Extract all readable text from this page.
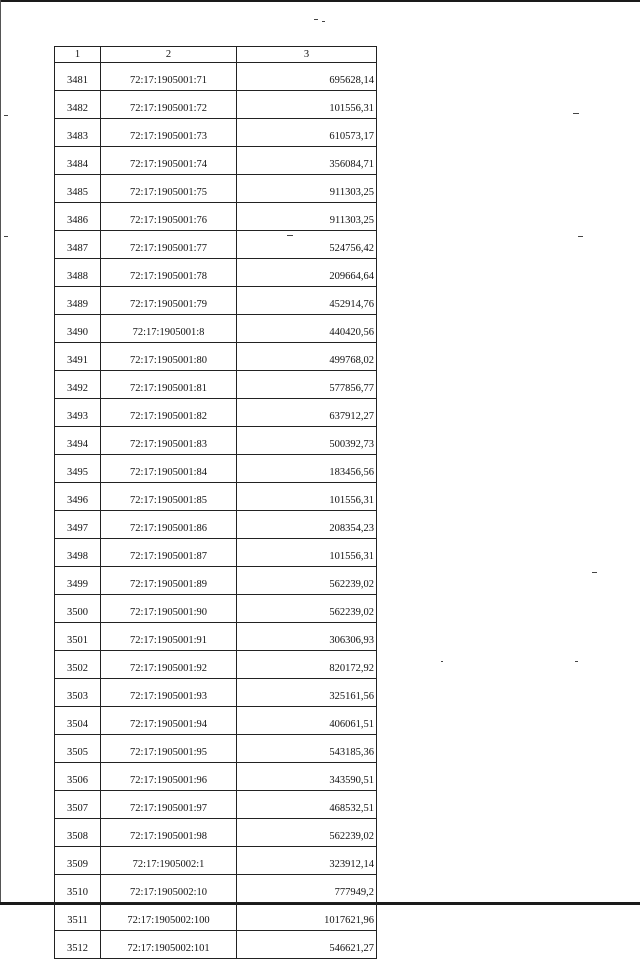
1	2	3
3481	72:17:1905001:71	695628,14
3482	72:17:1905001:72	101556,31
3483	72:17:1905001:73	610573,17
3484	72:17:1905001:74	356084,71
3485	72:17:1905001:75	911303,25
3486	72:17:1905001:76	911303,25
3487	72:17:1905001:77	524756,42
3488	72:17:1905001:78	209664,64
3489	72:17:1905001:79	452914,76
3490	72:17:1905001:8	440420,56
3491	72:17:1905001:80	499768,02
3492	72:17:1905001:81	577856,77
3493	72:17:1905001:82	637912,27
3494	72:17:1905001:83	500392,73
3495	72:17:1905001:84	183456,56
3496	72:17:1905001:85	101556,31
3497	72:17:1905001:86	208354,23
3498	72:17:1905001:87	101556,31
3499	72:17:1905001:89	562239,02
3500	72:17:1905001:90	562239,02
3501	72:17:1905001:91	306306,93
3502	72:17:1905001:92	820172,92
3503	72:17:1905001:93	325161,56
3504	72:17:1905001:94	406061,51
3505	72:17:1905001:95	543185,36
3506	72:17:1905001:96	343590,51
3507	72:17:1905001:97	468532,51
3508	72:17:1905001:98	562239,02
3509	72:17:1905002:1	323912,14
3510	72:17:1905002:10	777949,2
3511	72:17:1905002:100	1017621,96
3512	72:17:1905002:101	546621,27
